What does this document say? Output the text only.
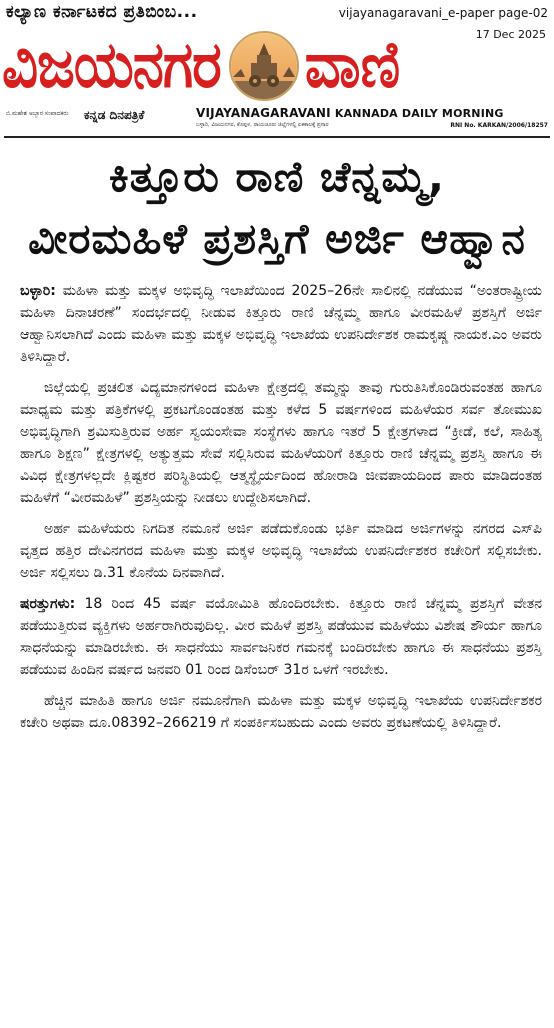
ಕಲ್ಯಾಣ ಕರ್ನಾಟಕದ ಪ್ರತಿಬಿಂಬ...	vijayanagaravani_e-paper page-02
17 Dec 2025
ವಿಜಯನಗರ ವಾಣಿ
ಬಿ.ಮಹೇಶ ಅಬ್ಬಾರ ಸಂಪಾದಕರು ಕನ್ನಡ ದಿನಪತ್ರಿಕೆ	VIJAYANAGARAVANI KANNADA DAILY MORNING
ಬಳ್ಳಾರಿ, ವಿಜಯನಗರ, ಕೊಪ್ಪಳ, ರಾಯಚೂರು ಜಿಲ್ಲೆಗಳಲ್ಲಿ ಏಕಕಾಲಕ್ಕೆ ಪ್ರಸಾರ	RNI No. KARKAN/2006/18257
ಕಿತ್ತೂರು ರಾಣಿ ಚೆನ್ನಮ್ಮ,
ವೀರಮಹಿಳೆ ಪ್ರಶಸ್ತಿಗೆ ಅರ್ಜಿ ಆಹ್ವಾನ

ಬಳ್ಳಾರಿ: ಮಹಿಳಾ ಮತ್ತು ಮಕ್ಕಳ ಅಭಿವೃದ್ಧಿ ಇಲಾಖೆಯಿಂದ 2025–26ನೇ ಸಾಲಿನಲ್ಲಿ ನಡೆಯುವ “ಅಂತರಾಷ್ಟ್ರೀಯ ಮಹಿಳಾ ದಿನಾಚರಣೆ” ಸಂದರ್ಭದಲ್ಲಿ ನೀಡುವ ಕಿತ್ತೂರು ರಾಣಿ ಚೆನ್ನಮ್ಮ ಹಾಗೂ ವೀರಮಹಿಳೆ ಪ್ರಶಸ್ತಿಗೆ ಅರ್ಜಿ ಆಹ್ವಾನಿಸಲಾಗಿದೆ ಎಂದು ಮಹಿಳಾ ಮತ್ತು ಮಕ್ಕಳ ಅಭಿವೃದ್ಧಿ ಇಲಾಖೆಯ ಉಪನಿರ್ದೇಶಕ ರಾಮಕೃಷ್ಣ ನಾಯಕ.ಎಂ ಅವರು ತಿಳಿಸಿದ್ದಾರೆ.

ಜಿಲ್ಲೆಯಲ್ಲಿ ಪ್ರಚಲಿತ ವಿದ್ಯಮಾನಗಳಿಂದ ಮಹಿಳಾ ಕ್ಷೇತ್ರದಲ್ಲಿ ತಮ್ಮನ್ನು ತಾವು ಗುರುತಿಸಿಕೊಂಡಿರುವಂತಹ ಹಾಗೂ ಮಾಧ್ಯಮ ಮತ್ತು ಪತ್ರಿಕೆಗಳಲ್ಲಿ ಪ್ರಕಟಗೊಂಡಂತಹ ಮತ್ತು ಕಳೆದ 5 ವರ್ಷಗಳಿಂದ ಮಹಿಳೆಯರ ಸರ್ವ ತೋಮುಖ ಅಭಿವೃದ್ಧಿಗಾಗಿ ಶ್ರಮಿಸುತ್ತಿರುವ ಅರ್ಹ ಸ್ವಯಂಸೇವಾ ಸಂಸ್ಥೆಗಳು ಹಾಗೂ ಇತರೆ 5 ಕ್ಷೇತ್ರಗಳಾದ “ಕ್ರೀಡೆ, ಕಲೆ, ಸಾಹಿತ್ಯ ಹಾಗೂ ಶಿಕ್ಷಣ” ಕ್ಷೇತ್ರಗಳಲ್ಲಿ ಅತ್ಯುತ್ತಮ ಸೇವೆ ಸಲ್ಲಿಸಿರುವ ಮಹಿಳೆಯರಿಗೆ ಕಿತ್ತೂರು ರಾಣಿ ಚೆನ್ನಮ್ಮ ಪ್ರಶಸ್ತಿ ಹಾಗೂ ಈ ವಿವಿಧ ಕ್ಷೇತ್ರಗಳಲ್ಲದೇ ಕ್ಲಿಷ್ಟಕರ ಪರಿಸ್ಥಿತಿಯಲ್ಲಿ ಆತ್ಮಸ್ಥೈರ್ಯದಿಂದ ಹೋರಾಡಿ ಜೀವಪಾಯದಿಂದ ಪಾರು ಮಾಡಿದಂತಹ ಮಹಿಳೆಗೆ “ವೀರಮಹಿಳೆ” ಪ್ರಶಸ್ತಿಯನ್ನು ನೀಡಲು ಉದ್ದೇಶಿಸಲಾಗಿದೆ.

ಅರ್ಹ ಮಹಿಳೆಯರು ನಿಗದಿತ ನಮೂನೆ ಅರ್ಜಿ ಪಡೆದುಕೊಂಡು ಭರ್ತಿ ಮಾಡಿದ ಅರ್ಜಿಗಳನ್ನು ನಗರದ ಎಸ್‌ಪಿ ವೃತ್ತದ ಹತ್ತಿರ ದೇವಿನಗರದ ಮಹಿಳಾ ಮತ್ತು ಮಕ್ಕಳ ಅಭಿವೃದ್ಧಿ ಇಲಾಖೆಯ ಉಪನಿರ್ದೇಶಕರ ಕಚೇರಿಗೆ ಸಲ್ಲಿಸಬೇಕು. ಅರ್ಜಿ ಸಲ್ಲಿಸಲು ಡಿ.31 ಕೊನೆಯ ದಿನವಾಗಿದೆ.

ಷರತ್ತುಗಳು: 18 ರಿಂದ 45 ವರ್ಷ ವಯೋಮಿತಿ ಹೊಂದಿರಬೇಕು. ಕಿತ್ತೂರು ರಾಣಿ ಚೆನ್ನಮ್ಮ ಪ್ರಶಸ್ತಿಗೆ ವೇತನ ಪಡೆಯುತ್ತಿರುವ ವ್ಯಕ್ತಿಗಳು ಅರ್ಹರಾಗಿರುವುದಿಲ್ಲ. ವೀರ ಮಹಿಳೆ ಪ್ರಶಸ್ತಿ ಪಡೆಯುವ ಮಹಿಳೆಯು ವಿಶೇಷ ಶೌರ್ಯ ಹಾಗೂ ಸಾಧನೆಯನ್ನು ಮಾಡಿರಬೇಕು. ಈ ಸಾಧನೆಯು ಸಾರ್ವಜನಿಕರ ಗಮನಕ್ಕೆ ಬಂದಿರಬೇಕು ಹಾಗೂ ಈ ಸಾಧನೆಯು ಪ್ರಶಸ್ತಿ ಪಡೆಯುವ ಹಿಂದಿನ ವರ್ಷದ ಜನವರಿ 01 ರಿಂದ ಡಿಸೆಂಬರ್ 31ರ ಒಳಗೆ ಇರಬೇಕು.

ಹೆಚ್ಚಿನ ಮಾಹಿತಿ ಹಾಗೂ ಅರ್ಜಿ ನಮೂನೆಗಾಗಿ ಮಹಿಳಾ ಮತ್ತು ಮಕ್ಕಳ ಅಭಿವೃದ್ಧಿ ಇಲಾಖೆಯ ಉಪನಿರ್ದೇಶಕರ ಕಚೇರಿ ಅಥವಾ ದೂ.08392–266219 ಗೆ ಸಂಪರ್ಕಿಸಬಹುದು ಎಂದು ಅವರು ಪ್ರಕಟಣೆಯಲ್ಲಿ ತಿಳಿಸಿದ್ದಾರೆ.
